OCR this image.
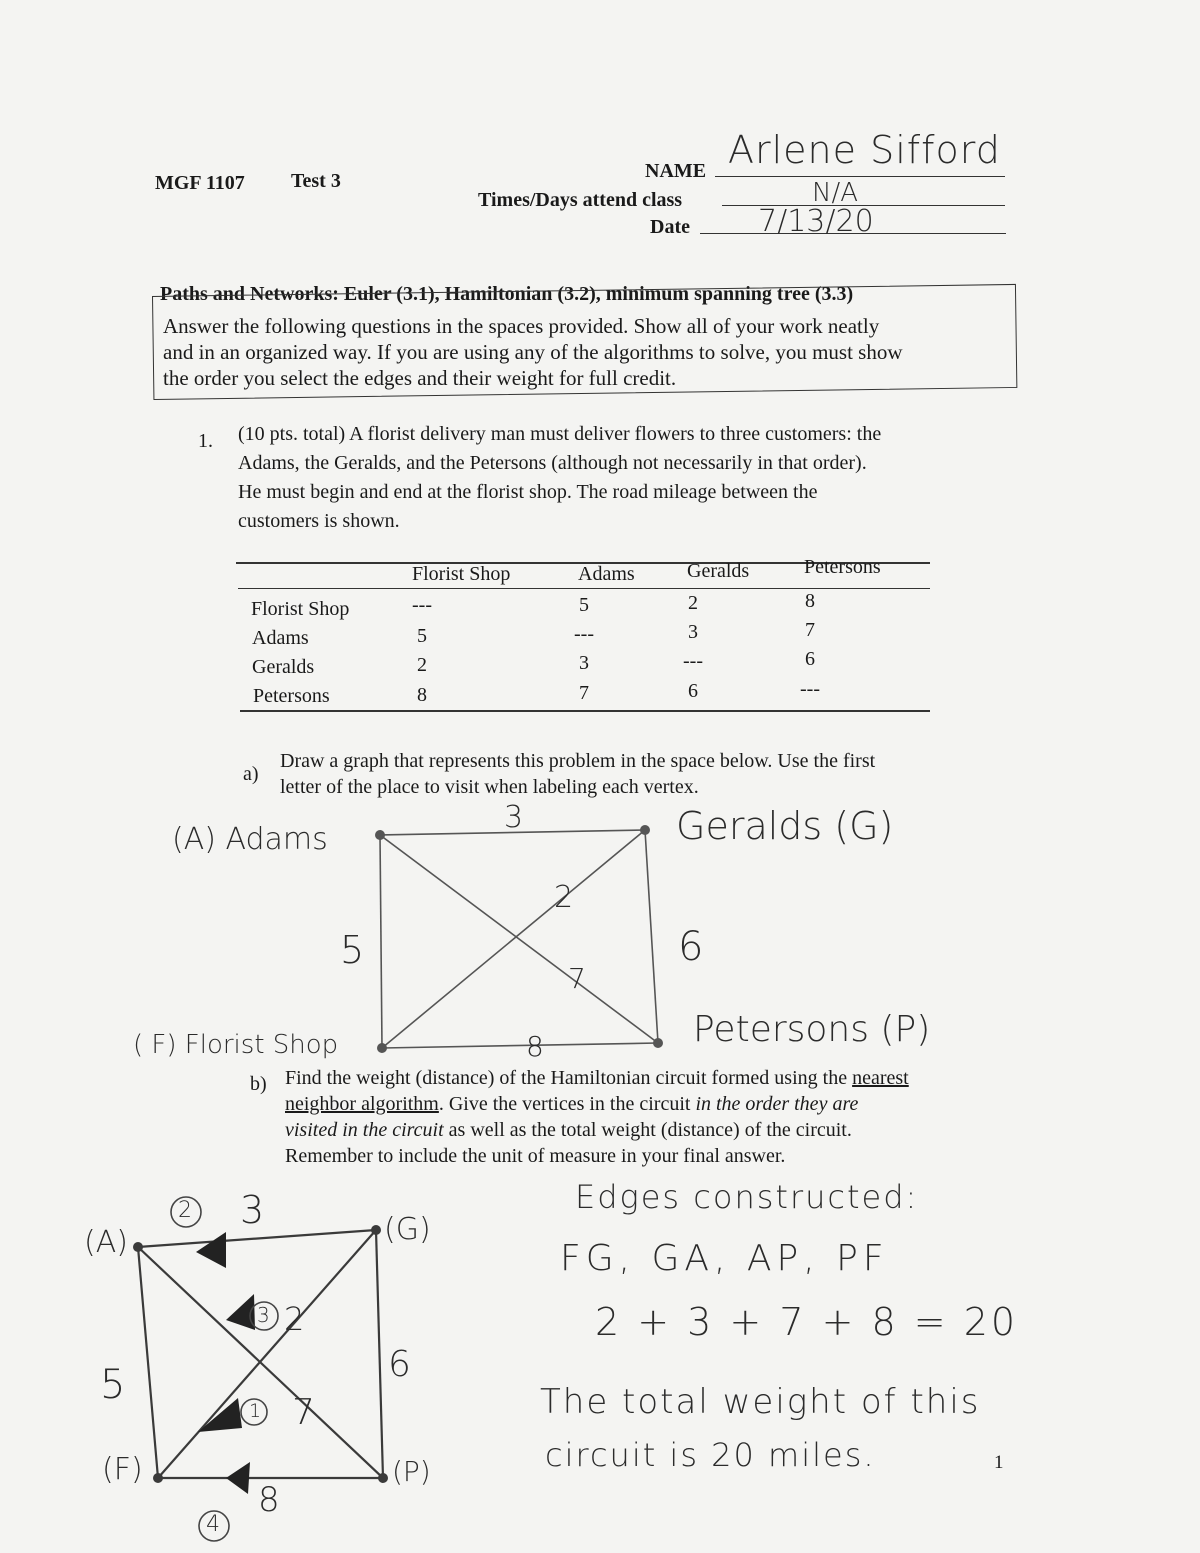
MGF 1107 Test 3	NAME Arlene Sifford
Times/Days attend class	N/A
Date 7/13/20
Paths and Networks: Euler (3.1), Hamiltonian (3.2), minimum spanning tree (3.3)
Answer the following questions in the spaces provided. Show all of your work neatly
and in an organized way. If you are using any of the algorithms to solve, you must show
the order you select the edges and their weight for full credit.
1. (10 pts. total) A florist delivery man must deliver flowers to three customers: the
Adams, the Geralds, and the Petersons (although not necessarily in that order).
He must begin and end at the florist shop. The road mileage between the
customers is shown.
Florist Shop	Adams	Geralds	Petersons
Florist Shop	---	5	2	8
Adams	5	---	3	7
Geralds	2	3	---	6
Petersons	8	7	6	---
a)
Draw a graph that represents this problem in the space below. Use the first
letter of the place to visit when labeling each vertex.
(A) Adams	Geralds (G)
( F) Florist Shop	Petersons (P)
3
5
2
7
6
8
b) Find the weight (distance) of the Hamiltonian circuit formed using the nearest
neighbor algorithm. Give the vertices in the circuit in the order they are
visited in the circuit as well as the total weight (distance) of the circuit.
Remember to include the unit of measure in your final answer.
2
3
1
4
(A)	(G)
(F)	(P)
3
5
2
7
6
8
Edges constructed:
FG, GA, AP, PF
2 + 3 + 7 + 8 = 20
The total weight of this
circuit is 20 miles.	1
